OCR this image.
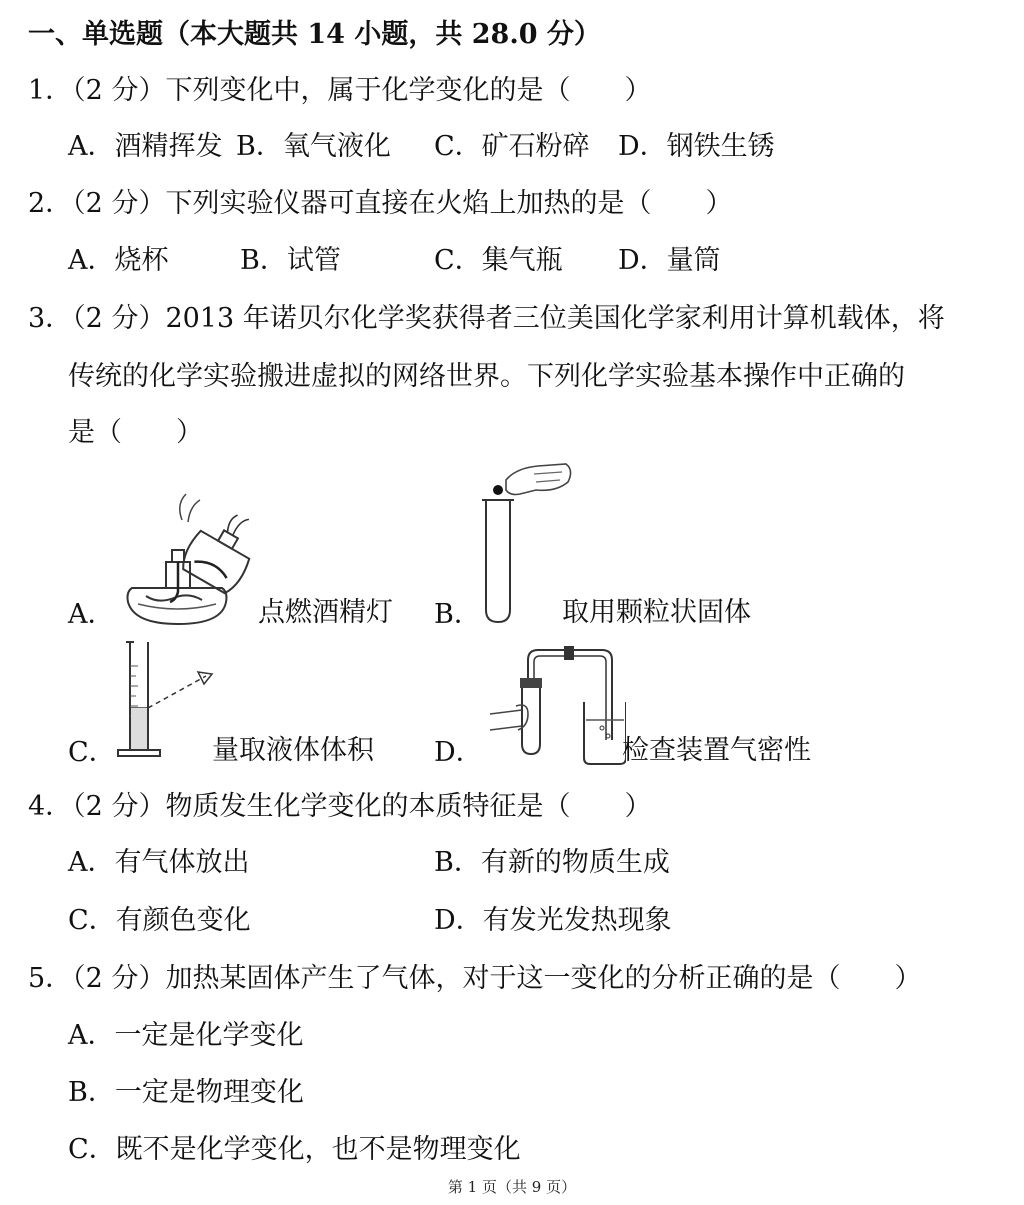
一、单选题（本大题共 14 小题，共 28.0 分）
1．（2 分）下列变化中，属于化学变化的是（　　）
A．酒精挥发 B．氧气液化 C．矿石粉碎 D．钢铁生锈
2．（2 分）下列实验仪器可直接在火焰上加热的是（　　）
A．烧杯	B．试管	C．集气瓶 D．量筒
3．（2 分）2013 年诺贝尔化学奖获得者三位美国化学家利用计算机载体，将
传统的化学实验搬进虚拟的网络世界。下列化学实验基本操作中正确的
是（　　）
A．	点燃酒精灯 B．	取用颗粒状固体
C．	量取液体体积 D．	检查装置气密性
4．（2 分）物质发生化学变化的本质特征是（　　）
A．有气体放出	B．有新的物质生成
C．有颜色变化	D．有发光发热现象
5．（2 分）加热某固体产生了气体，对于这一变化的分析正确的是（　　）
A．一定是化学变化
B．一定是物理变化
C．既不是化学变化，也不是物理变化
第 1 页（共 9 页）
